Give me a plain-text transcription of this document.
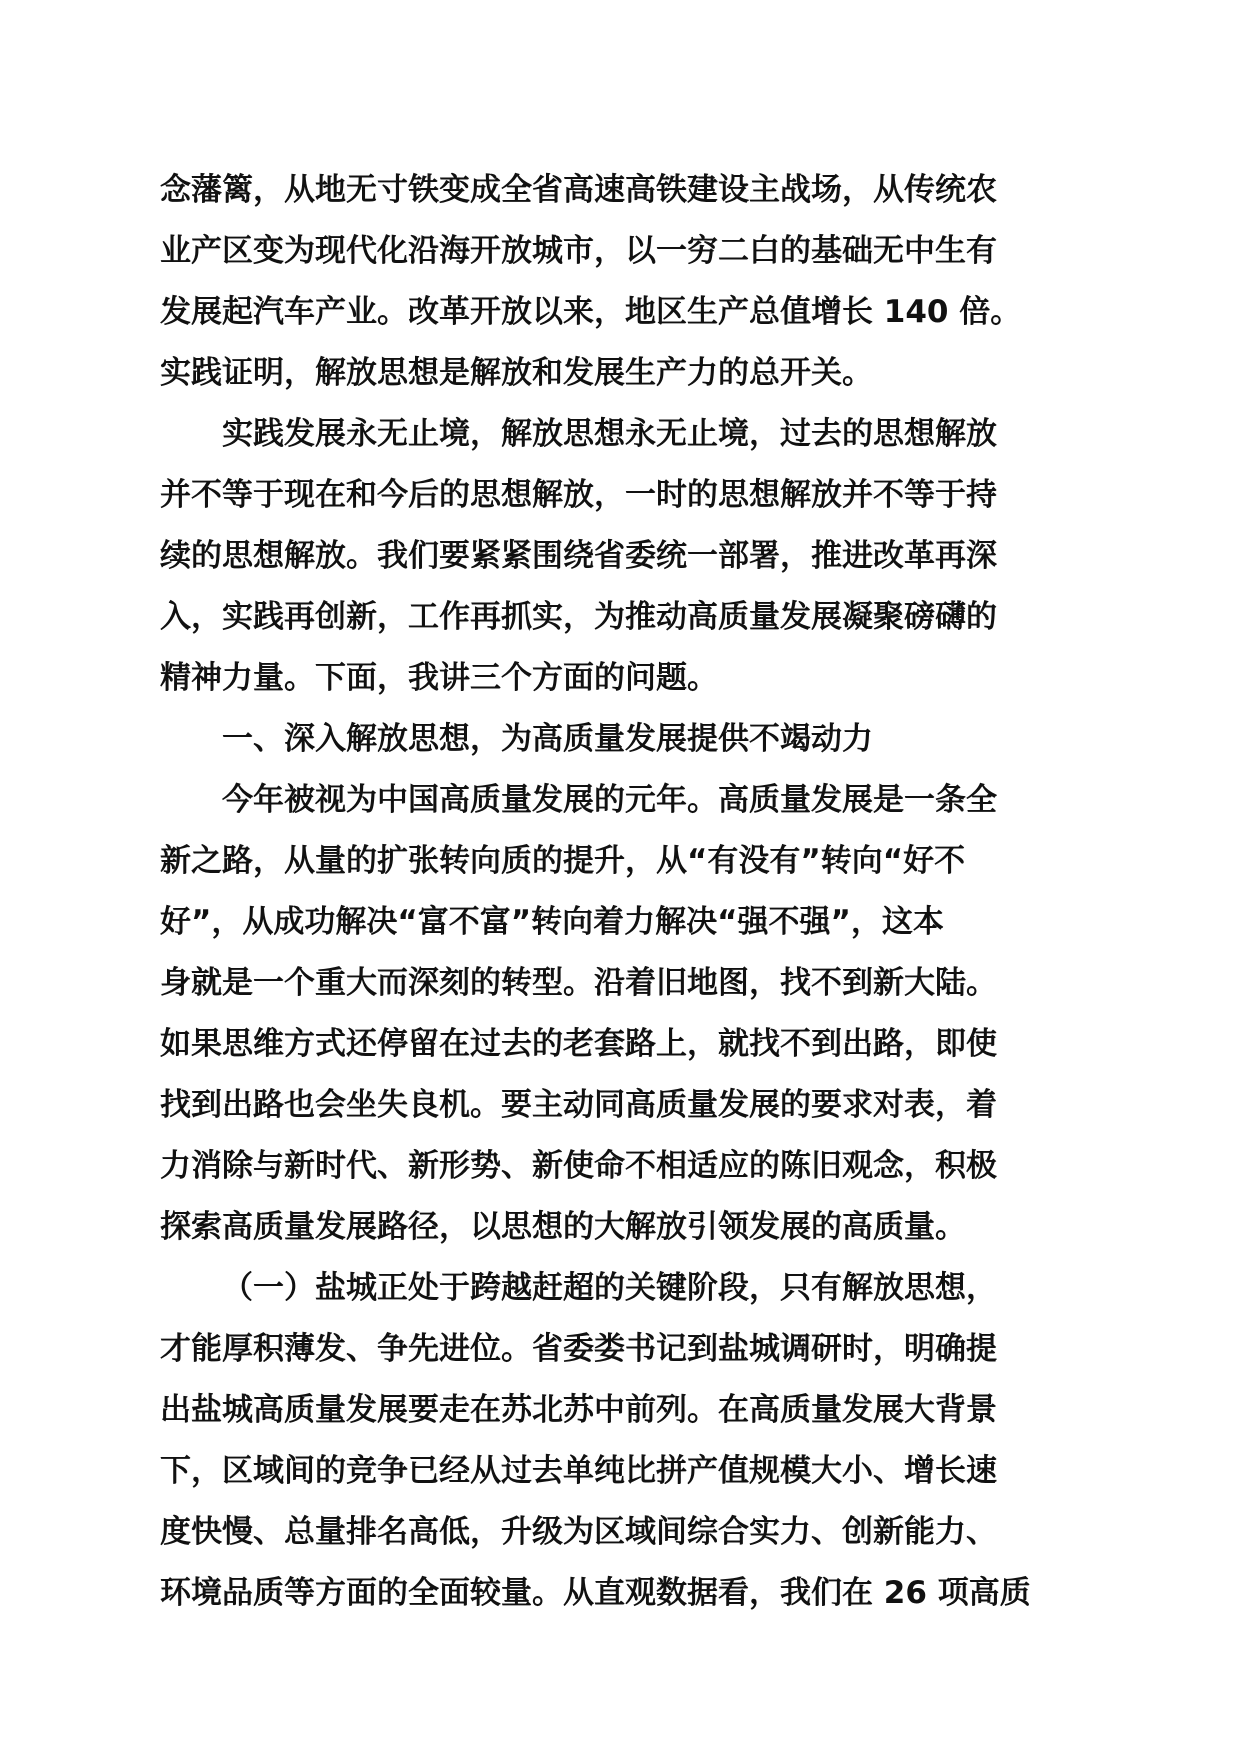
念藩篱，从地无寸铁变成全省高速高铁建设主战场，从传统农
业产区变为现代化沿海开放城市，以一穷二白的基础无中生有
发展起汽车产业。改革开放以来，地区生产总值增长 140 倍。
实践证明，解放思想是解放和发展生产力的总开关。
实践发展永无止境，解放思想永无止境，过去的思想解放
并不等于现在和今后的思想解放，一时的思想解放并不等于持
续的思想解放。我们要紧紧围绕省委统一部署，推进改革再深
入，实践再创新，工作再抓实，为推动高质量发展凝聚磅礴的
精神力量。下面，我讲三个方面的问题。
一、深入解放思想，为高质量发展提供不竭动力
今年被视为中国高质量发展的元年。高质量发展是一条全
新之路，从量的扩张转向质的提升，从“有没有”转向“好不
好”，从成功解决“富不富”转向着力解决“强不强”，这本
身就是一个重大而深刻的转型。沿着旧地图，找不到新大陆。
如果思维方式还停留在过去的老套路上，就找不到出路，即使
找到出路也会坐失良机。要主动同高质量发展的要求对表，着
力消除与新时代、新形势、新使命不相适应的陈旧观念，积极
探索高质量发展路径，以思想的大解放引领发展的高质量。
（一）盐城正处于跨越赶超的关键阶段，只有解放思想，
才能厚积薄发、争先进位。省委娄书记到盐城调研时，明确提
出盐城高质量发展要走在苏北苏中前列。在高质量发展大背景
下，区域间的竞争已经从过去单纯比拼产值规模大小、增长速
度快慢、总量排名高低，升级为区域间综合实力、创新能力、
环境品质等方面的全面较量。从直观数据看，我们在 26 项高质
